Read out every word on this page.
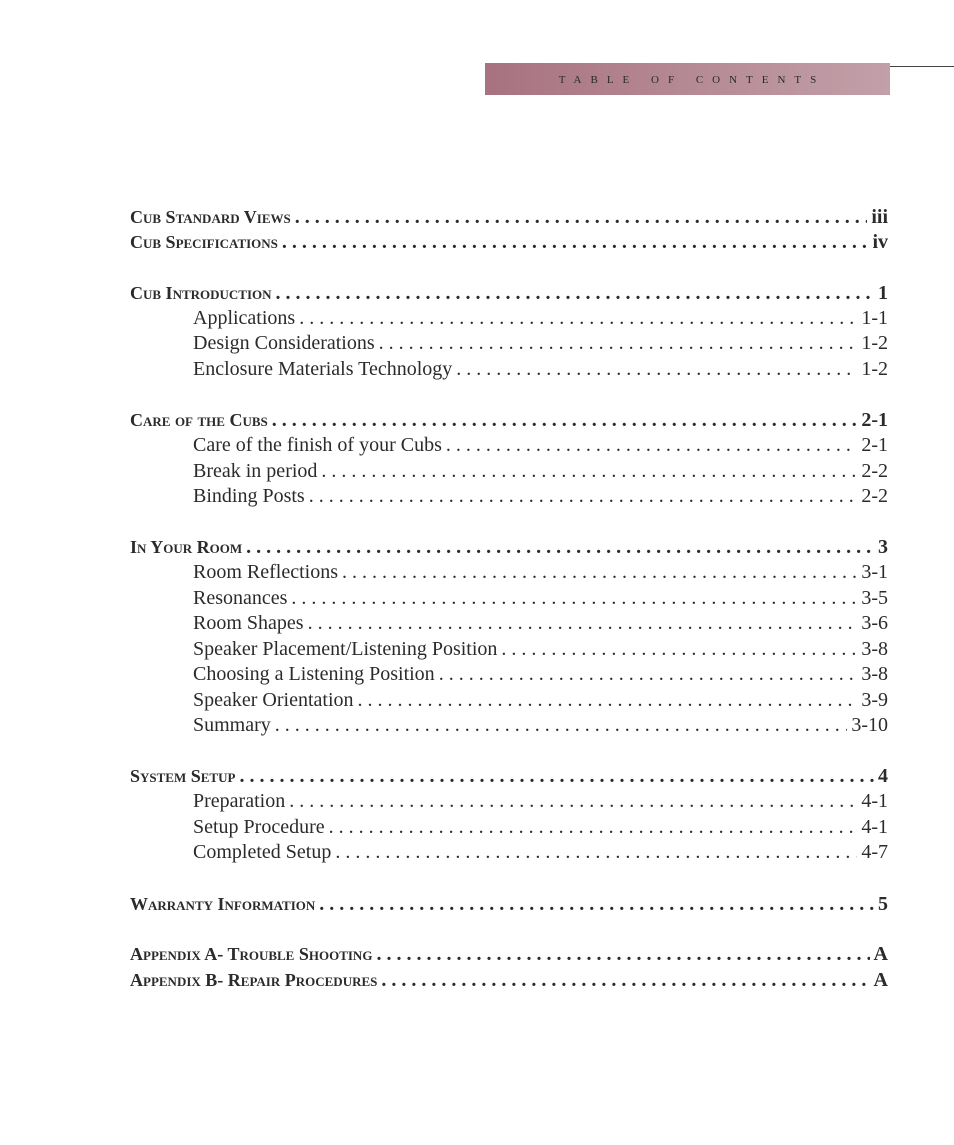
table of contents
Cub Standard Views . . .	iii
Cub Specifications . . .	iv
Cub Introduction . . .	1
Applications . . .	1-1
Design Considerations . . .	1-2
Enclosure Materials Technology . . .	1-2
Care of the Cubs . . .	2-1
Care of the finish of your Cubs . . .	2-1
Break in period . . .	2-2
Binding Posts . . .	2-2
In Your Room . . .	3
Room Reflections . . .	3-1
Resonances . . .	3-5
Room Shapes . . .	3-6
Speaker Placement/Listening Position . . .	3-8
Choosing a Listening Position . . .	3-8
Speaker Orientation . . .	3-9
Summary . . .	3-10
System Setup . . .	4
Preparation . . .	4-1
Setup Procedure . . .	4-1
Completed Setup . . .	4-7
Warranty Information . . .	5
Appendix A- Trouble Shooting . . .	A
Appendix B- Repair Procedures . . .	A
